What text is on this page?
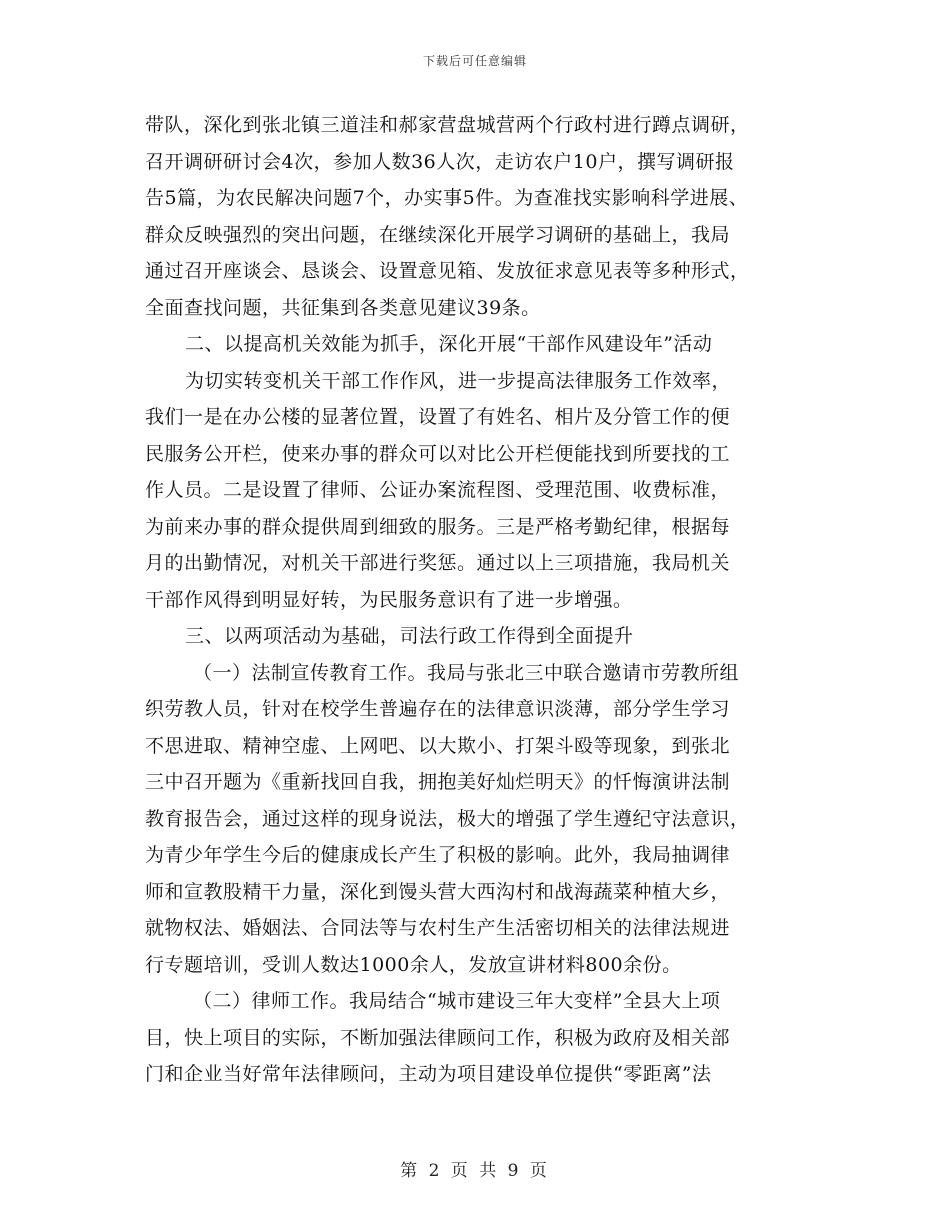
下载后可任意编辑
带队，深化到张北镇三道洼和郝家营盘城营两个行政村进行蹲点调研，
召开调研研讨会4次，参加人数36人次，走访农户10户，撰写调研报
告5篇，为农民解决问题7个，办实事5件。为查准找实影响科学进展、
群众反映强烈的突出问题，在继续深化开展学习调研的基础上，我局
通过召开座谈会、恳谈会、设置意见箱、发放征求意见表等多种形式，
全面查找问题，共征集到各类意见建议39条。
二、以提高机关效能为抓手，深化开展“干部作风建设年”活动
为切实转变机关干部工作作风，进一步提高法律服务工作效率，
我们一是在办公楼的显著位置，设置了有姓名、相片及分管工作的便
民服务公开栏，使来办事的群众可以对比公开栏便能找到所要找的工
作人员。二是设置了律师、公证办案流程图、受理范围、收费标准，
为前来办事的群众提供周到细致的服务。三是严格考勤纪律，根据每
月的出勤情况，对机关干部进行奖惩。通过以上三项措施，我局机关
干部作风得到明显好转，为民服务意识有了进一步增强。
三、以两项活动为基础，司法行政工作得到全面提升
（一）法制宣传教育工作。我局与张北三中联合邀请市劳教所组
织劳教人员，针对在校学生普遍存在的法律意识淡薄，部分学生学习
不思进取、精神空虚、上网吧、以大欺小、打架斗殴等现象，到张北
三中召开题为《重新找回自我，拥抱美好灿烂明天》的忏悔演讲法制
教育报告会，通过这样的现身说法，极大的增强了学生遵纪守法意识，
为青少年学生今后的健康成长产生了积极的影响。此外，我局抽调律
师和宣教股精干力量，深化到馒头营大西沟村和战海蔬菜种植大乡，
就物权法、婚姻法、合同法等与农村生产生活密切相关的法律法规进
行专题培训，受训人数达1000余人，发放宣讲材料800余份。
（二）律师工作。我局结合“城市建设三年大变样”全县大上项
目，快上项目的实际，不断加强法律顾问工作，积极为政府及相关部
门和企业当好常年法律顾问，主动为项目建设单位提供“零距离”法
第 2 页 共 9 页
